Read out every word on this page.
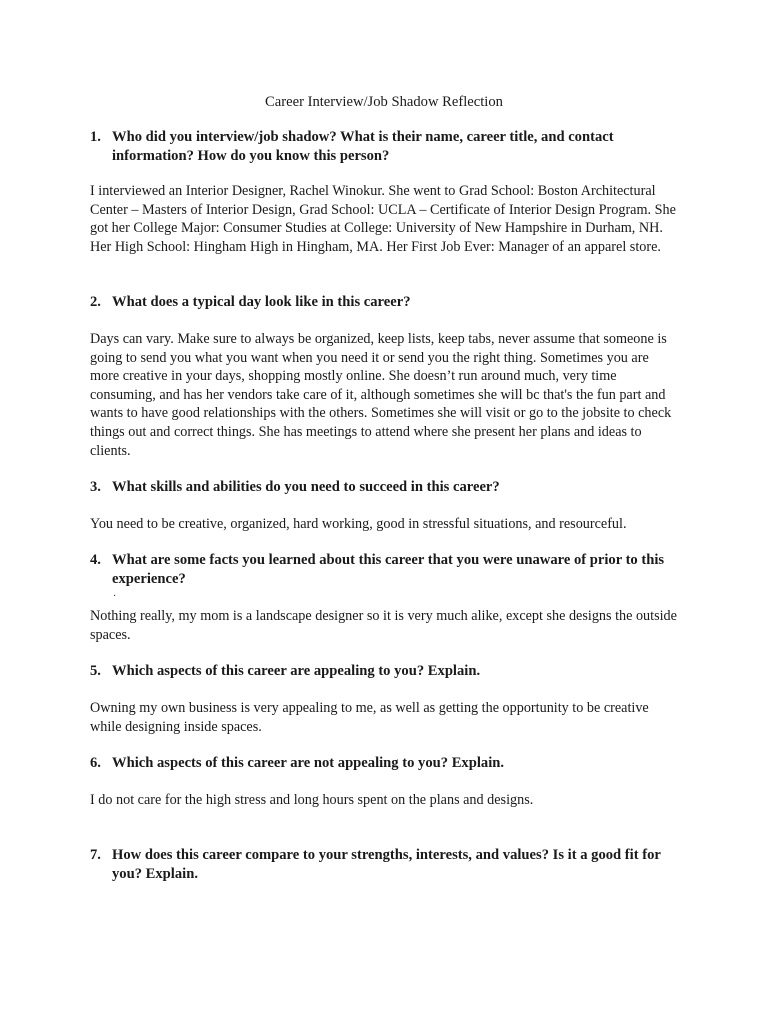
Career Interview/Job Shadow Reflection
1. Who did you interview/job shadow? What is their name, career title, and contact information? How do you know this person?

I interviewed an Interior Designer, Rachel Winokur. She went to Grad School: Boston Architectural Center – Masters of Interior Design, Grad School: UCLA – Certificate of Interior Design Program. She got her College Major: Consumer Studies at College: University of New Hampshire in Durham, NH. Her High School: Hingham High in Hingham, MA. Her First Job Ever: Manager of an apparel store.

2. What does a typical day look like in this career?

Days can vary. Make sure to always be organized, keep lists, keep tabs, never assume that someone is going to send you what you want when you need it or send you the right thing. Sometimes you are more creative in your days, shopping mostly online. She doesn’t run around much, very time consuming, and has her vendors take care of it, although sometimes she will bc that's the fun part and wants to have good relationships with the others. Sometimes she will visit or go to the jobsite to check things out and correct things. She has meetings to attend where she present her plans and ideas to clients.

3. What skills and abilities do you need to succeed in this career?

You need to be creative, organized, hard working, good in stressful situations, and resourceful.

4. What are some facts you learned about this career that you were unaware of prior to this experience?
·

Nothing really, my mom is a landscape designer so it is very much alike, except she designs the outside spaces.

5. Which aspects of this career are appealing to you? Explain.

Owning my own business is very appealing to me, as well as getting the opportunity to be creative while designing inside spaces.

6. Which aspects of this career are not appealing to you? Explain.

I do not care for the high stress and long hours spent on the plans and designs.

7. How does this career compare to your strengths, interests, and values? Is it a good fit for you? Explain.
